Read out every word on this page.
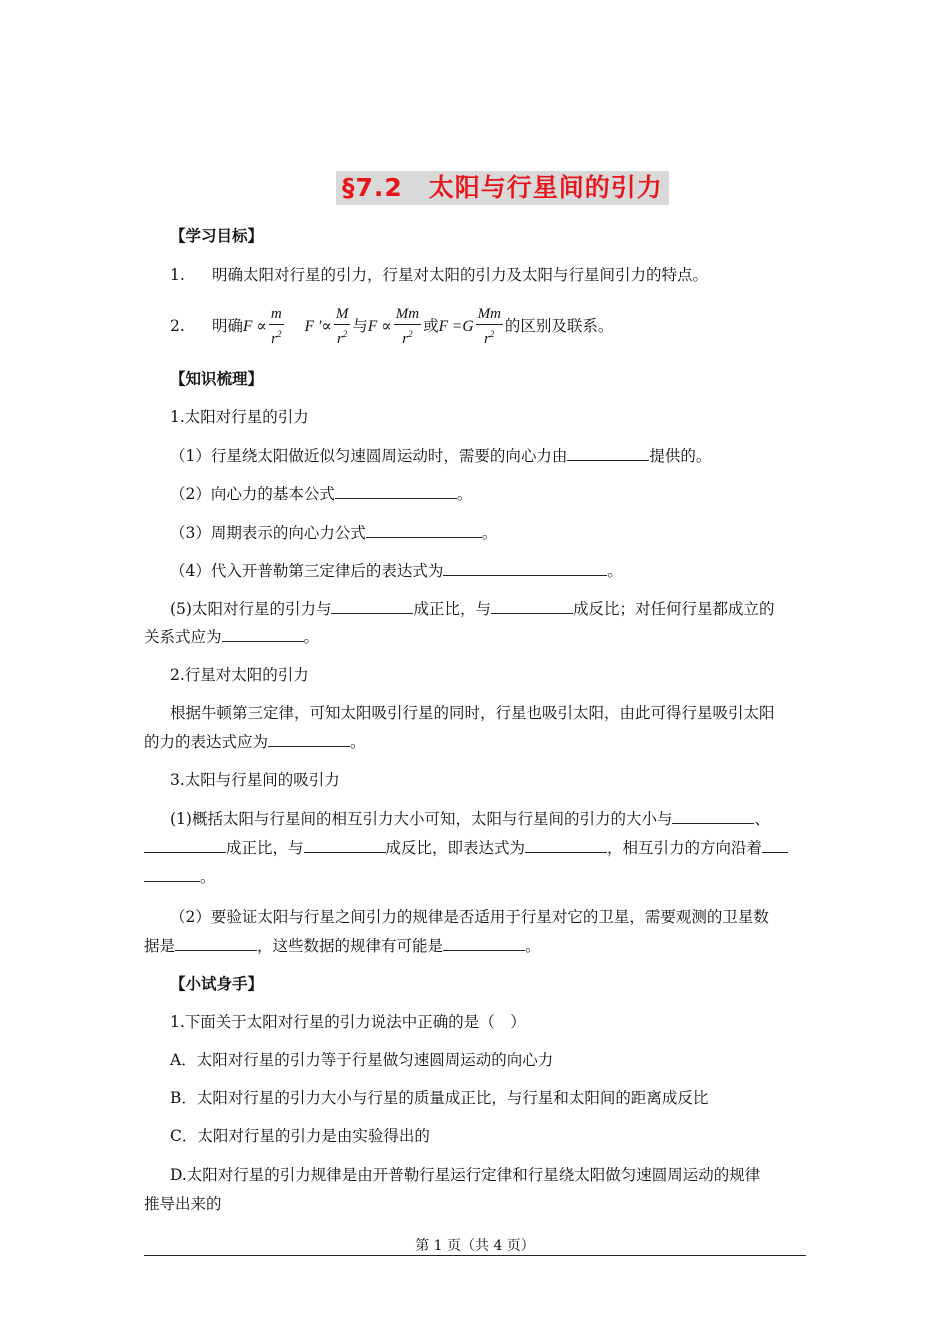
§7.2　太阳与行星间的引力
【学习目标】
1. 明确太阳对行星的引力，行星对太阳的引力及太阳与行星间引力的特点。
2. 明确$F \propto \frac{m}{r^2}$ F ′∝ $\frac{M}{r^2}$ 与$F \propto \frac{Mm}{r^2}$ 或$F =G \frac{Mm}{r^2}$ 的区别及联系。
【知识梳理】
1.太阳对行星的引力
（1）行星绕太阳做近似匀速圆周运动时，需要的向心力由	提供的。
（2）向心力的基本公式	。
（3）周期表示的向心力公式	。
（4）代入开普勒第三定律后的表达式为	。
(5)太阳对行星的引力与	成正比，与	成反比；对任何行星都成立的
关系式应为	。
2.行星对太阳的引力
根据牛顿第三定律，可知太阳吸引行星的同时，行星也吸引太阳，由此可得行星吸引太阳
的力的表达式应为	。
3.太阳与行星间的吸引力
(1)概括太阳与行星间的相互引力大小可知，太阳与行星间的引力的大小与	、
成正比，与	成反比，即表达式为	，相互引力的方向沿着
。
（2）要验证太阳与行星之间引力的规律是否适用于行星对它的卫星，需要观测的卫星数
据是	，这些数据的规律有可能是	。
【小试身手】
1.下面关于太阳对行星的引力说法中正确的是（　）
A．太阳对行星的引力等于行星做匀速圆周运动的向心力
B．太阳对行星的引力大小与行星的质量成正比，与行星和太阳间的距离成反比
C．太阳对行星的引力是由实验得出的
D.太阳对行星的引力规律是由开普勒行星运行定律和行星绕太阳做匀速圆周运动的规律
推导出来的
第 1 页（共 4 页）
